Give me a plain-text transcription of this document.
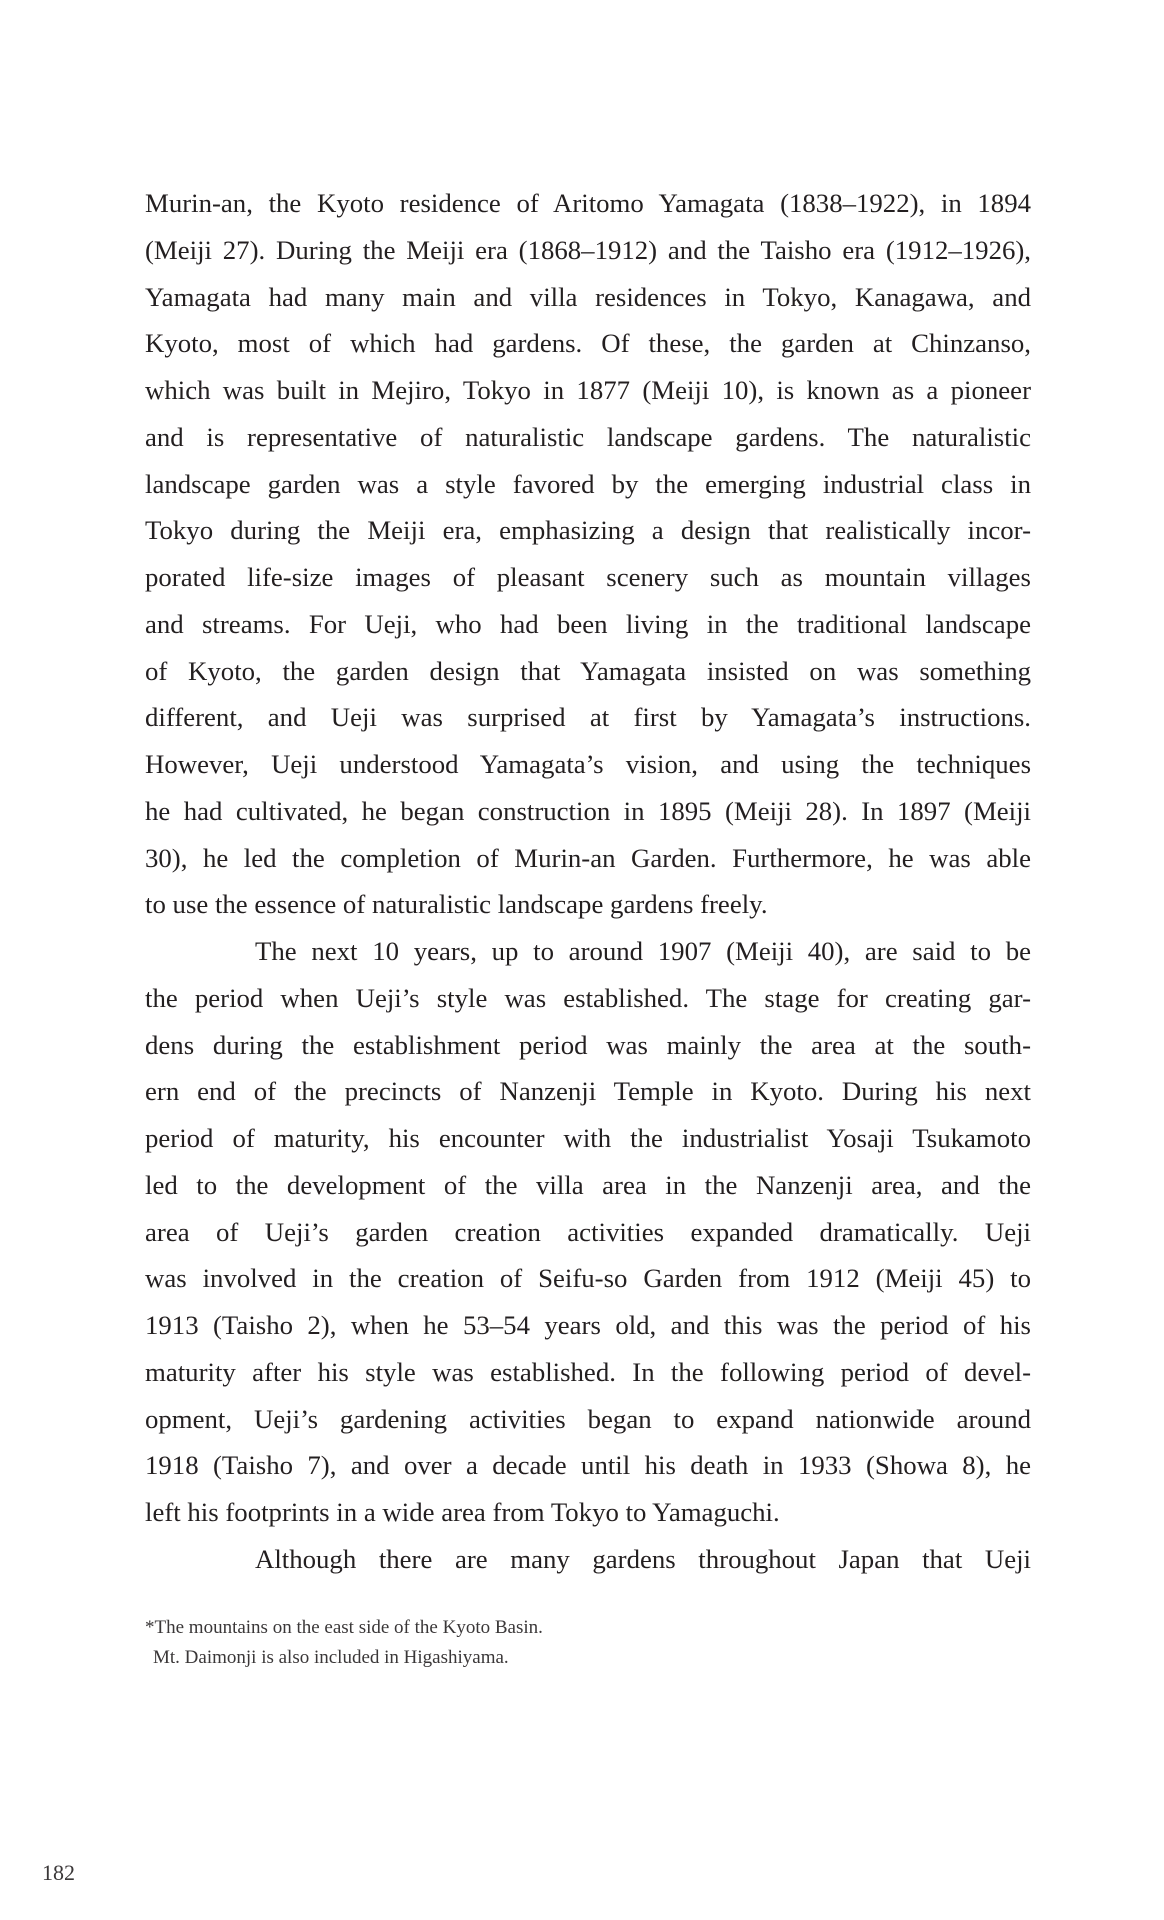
Murin-an, the Kyoto residence of Aritomo Yamagata (1838–1922), in 1894
(Meiji 27). During the Meiji era (1868–1912) and the Taisho era (1912–1926),
Yamagata had many main and villa residences in Tokyo, Kanagawa, and
Kyoto, most of which had gardens. Of these, the garden at Chinzanso,
which was built in Mejiro, Tokyo in 1877 (Meiji 10), is known as a pioneer
and is representative of naturalistic landscape gardens. The naturalistic
landscape garden was a style favored by the emerging industrial class in
Tokyo during the Meiji era, emphasizing a design that realistically incor-
porated life-size images of pleasant scenery such as mountain villages
and streams. For Ueji, who had been living in the traditional landscape
of Kyoto, the garden design that Yamagata insisted on was something
different, and Ueji was surprised at first by Yamagata’s instructions.
However, Ueji understood Yamagata’s vision, and using the techniques
he had cultivated, he began construction in 1895 (Meiji 28). In 1897 (Meiji
30), he led the completion of Murin-an Garden. Furthermore, he was able
to use the essence of naturalistic landscape gardens freely.
The next 10 years, up to around 1907 (Meiji 40), are said to be
the period when Ueji’s style was established. The stage for creating gar-
dens during the establishment period was mainly the area at the south-
ern end of the precincts of Nanzenji Temple in Kyoto. During his next
period of maturity, his encounter with the industrialist Yosaji Tsukamoto
led to the development of the villa area in the Nanzenji area, and the
area of Ueji’s garden creation activities expanded dramatically. Ueji
was involved in the creation of Seifu-so Garden from 1912 (Meiji 45) to
1913 (Taisho 2), when he 53–54 years old, and this was the period of his
maturity after his style was established. In the following period of devel-
opment, Ueji’s gardening activities began to expand nationwide around
1918 (Taisho 7), and over a decade until his death in 1933 (Showa 8), he
left his footprints in a wide area from Tokyo to Yamaguchi.
Although there are many gardens throughout Japan that Ueji
*The mountains on the east side of the Kyoto Basin.
Mt. Daimonji is also included in Higashiyama.
182
